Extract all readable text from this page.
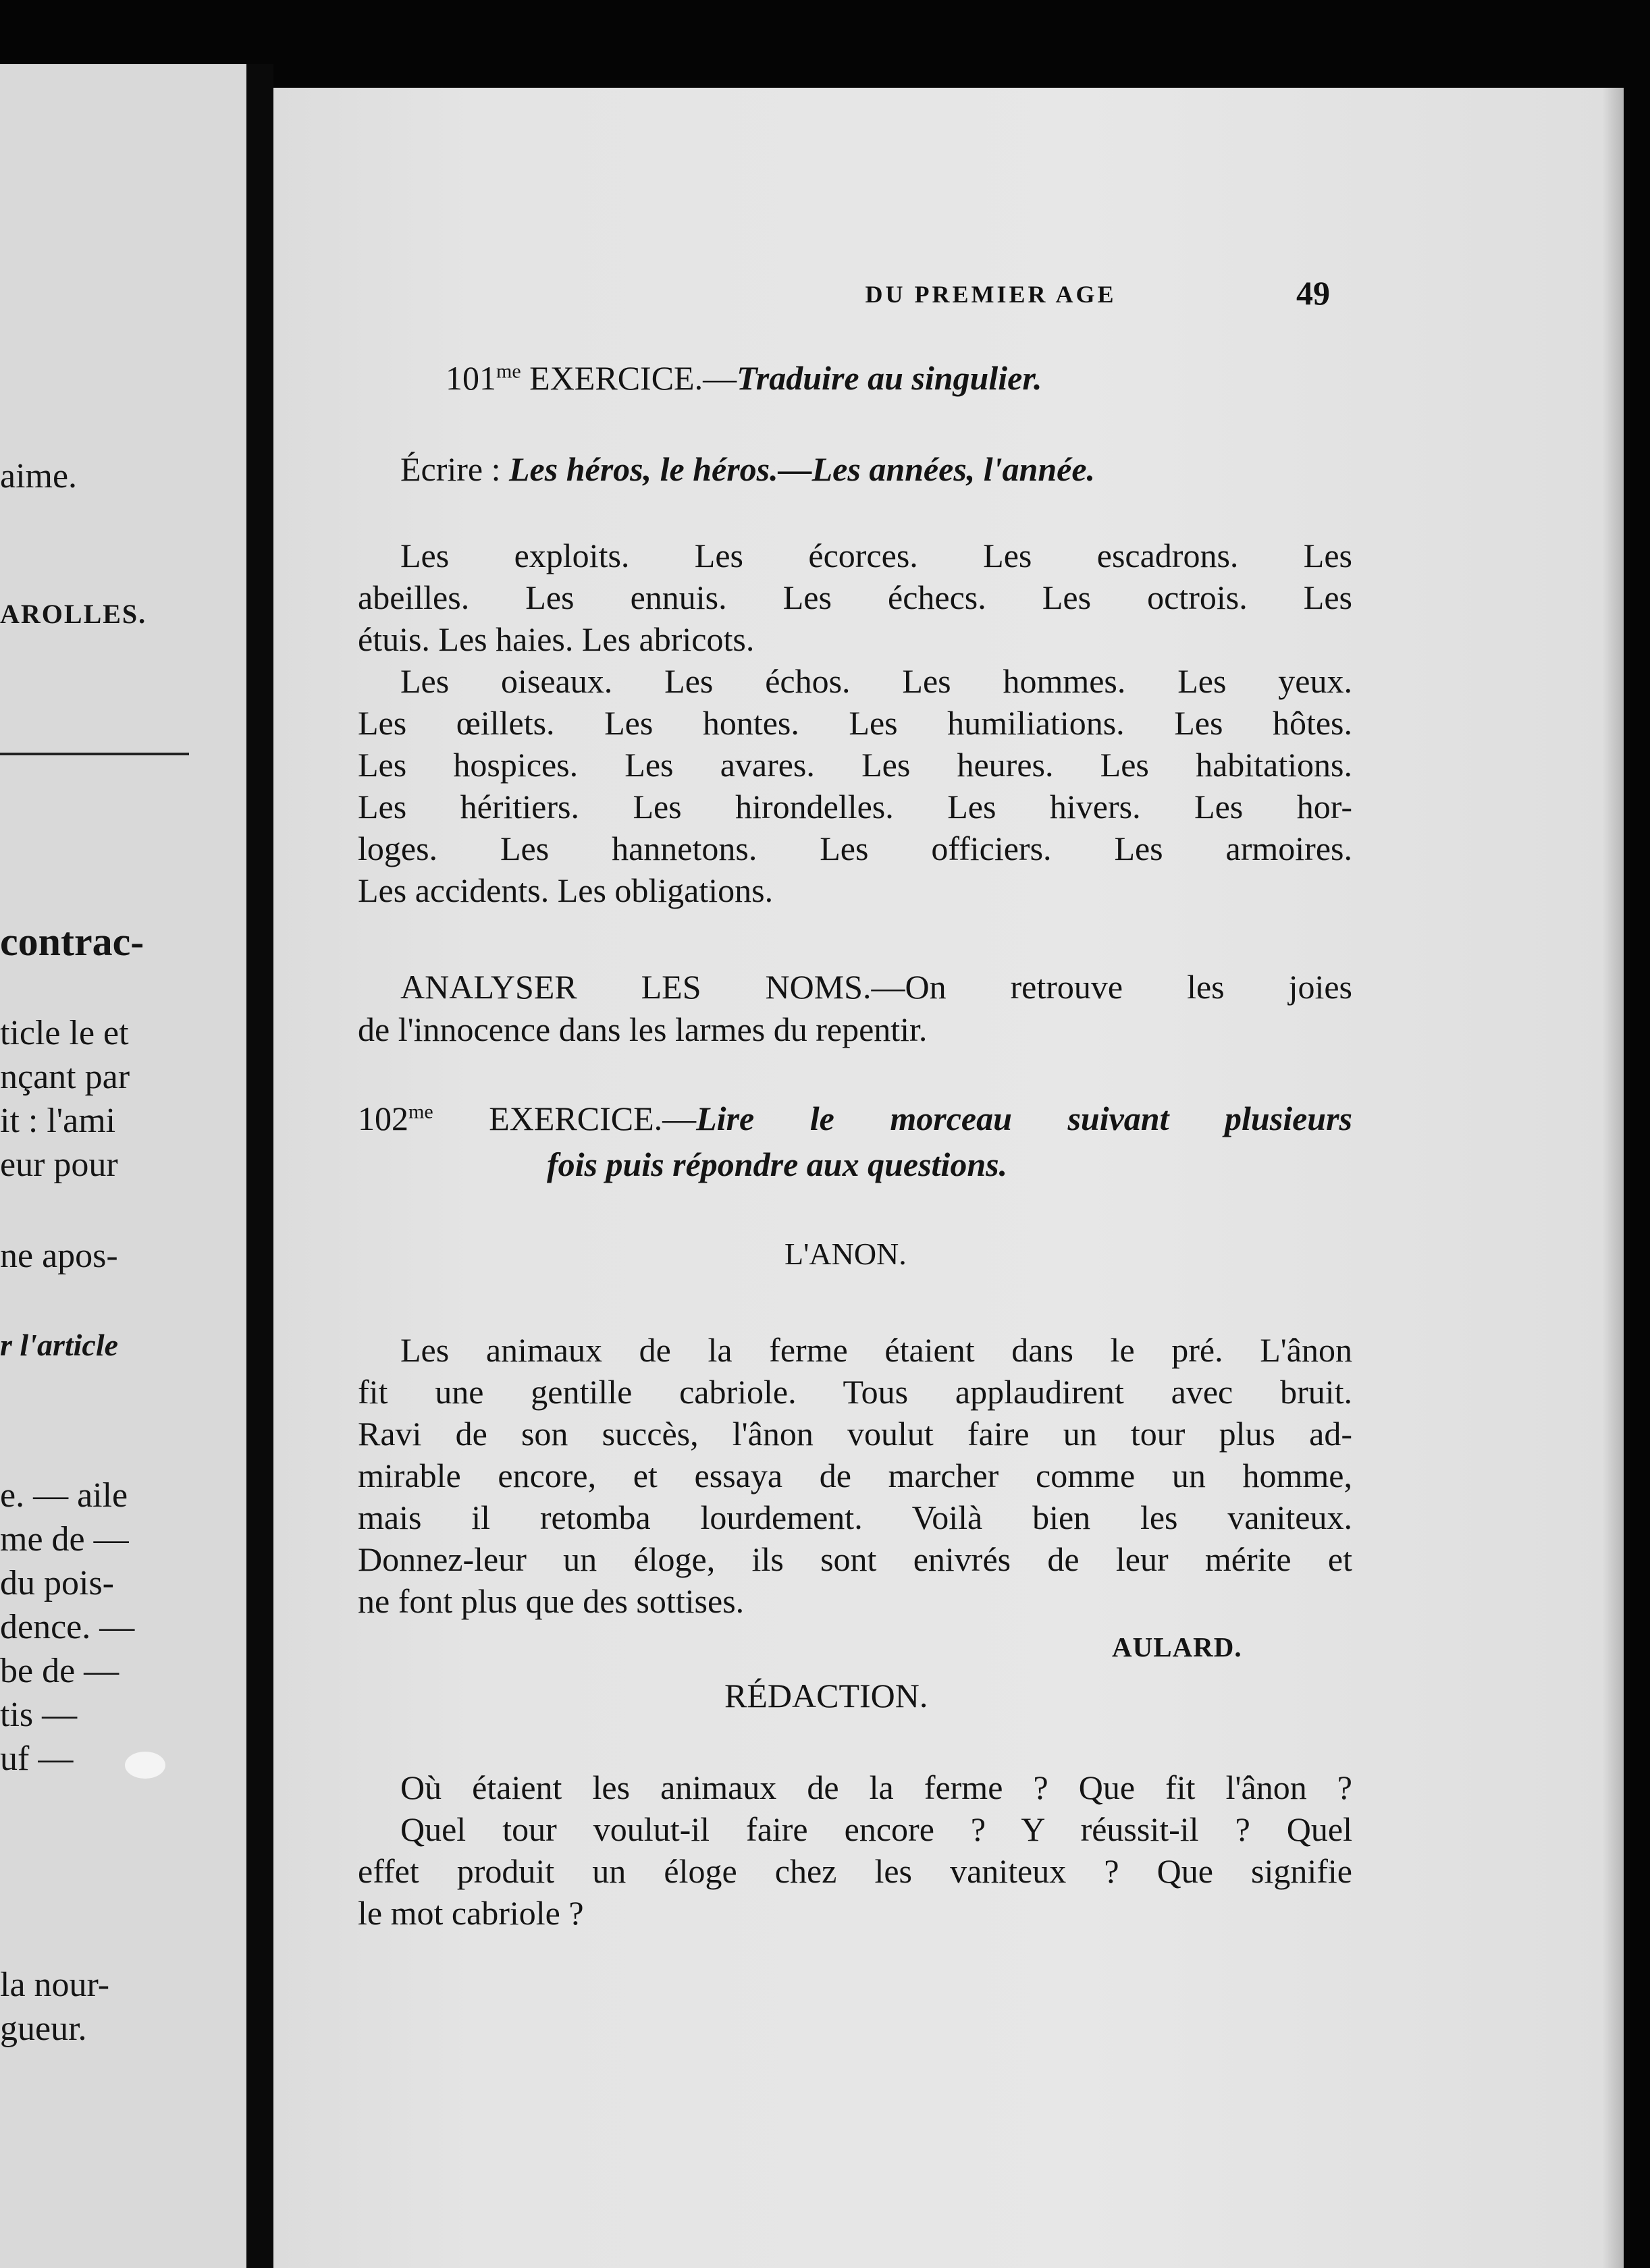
aime.
AROLLES.
contrac-
ticle le et
nçant par
it : l'ami
eur pour
ne apos-
r l'article
e. — aile
me de —
du pois-
dence. —
be de —
tis —
uf —
la nour-
gueur.
DU PREMIER AGE	49
$101^{me}$ EXERCICE.—Traduire au singulier.
Écrire : Les héros, le héros.—Les années, l'année.
Les exploits. Les écorces. Les escadrons. Les
abeilles. Les ennuis. Les échecs. Les octrois. Les
étuis. Les haies. Les abricots.
Les oiseaux. Les échos. Les hommes. Les yeux.
Les œillets. Les hontes. Les humiliations. Les hôtes.
Les hospices. Les avares. Les heures. Les habitations.
Les héritiers. Les hirondelles. Les hivers. Les hor-
loges. Les hannetons. Les officiers. Les armoires.
Les accidents. Les obligations.
ANALYSER LES NOMS.—On retrouve les joies
de l'innocence dans les larmes du repentir.
$102^{me}$ EXERCICE.—Lire le morceau suivant plusieurs
fois puis répondre aux questions.
L'ANON.
Les animaux de la ferme étaient dans le pré. L'ânon
fit une gentille cabriole. Tous applaudirent avec bruit.
Ravi de son succès, l'ânon voulut faire un tour plus ad-
mirable encore, et essaya de marcher comme un homme,
mais il retomba lourdement. Voilà bien les vaniteux.
Donnez-leur un éloge, ils sont enivrés de leur mérite et
ne font plus que des sottises.
AULARD.
RÉDACTION.
Où étaient les animaux de la ferme ? Que fit l'ânon ?
Quel tour voulut-il faire encore ? Y réussit-il ? Quel
effet produit un éloge chez les vaniteux ? Que signifie
le mot cabriole ?
